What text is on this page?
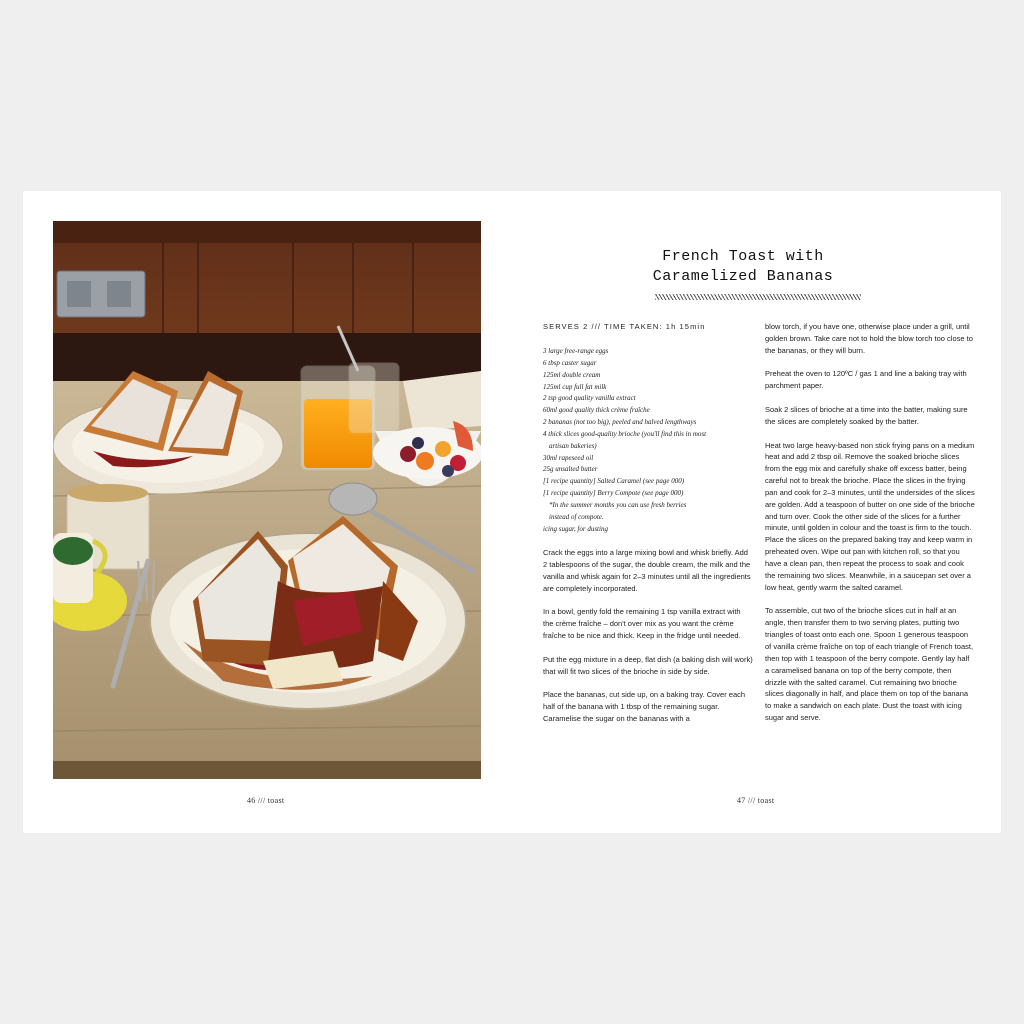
46 /// toast	47 /// toast
French Toast with
Caramelized Bananas
SERVES 2 /// TIME TAKEN: 1h 15min
3 large free-range eggs
6 tbsp caster sugar
125ml double cream
125ml cup full fat milk
2 tsp good quality vanilla extract
60ml good quality thick crème fraîche
2 bananas (not too big), peeled and halved lengthways
4 thick slices good-quality brioche (you'll find this in most
artisan bakeries)
30ml rapeseed oil
25g unsalted butter
[1 recipe quantity] Salted Caramel (see page 000)
[1 recipe quantity] Berry Compote (see page 000)
*In the summer months you can use fresh berries
instead of compote.
icing sugar, for dusting

Crack the eggs into a large mixing bowl and whisk briefly. Add 2 tablespoons of the sugar, the double cream, the milk and the vanilla and whisk again for 2–3 minutes until all the ingredients are completely incorporated.

In a bowl, gently fold the remaining 1 tsp vanilla extract with the crème fraîche – don't over mix as you want the crème fraîche to be nice and thick. Keep in the fridge until needed.

Put the egg mixture in a deep, flat dish (a baking dish will work) that will fit two slices of the brioche in side by side.

Place the bananas, cut side up, on a baking tray. Cover each half of the banana with 1 tbsp of the remaining sugar. Caramelise the sugar on the bananas with a

blow torch, if you have one, otherwise place under a grill, until golden brown. Take care not to hold the blow torch too close to the bananas, or they will burn.

Preheat the oven to 120ºC / gas 1 and line a baking tray with parchment paper.

Soak 2 slices of brioche at a time into the batter, making sure the slices are completely soaked by the batter.

Heat two large heavy-based non stick frying pans on a medium heat and add 2 tbsp oil. Remove the soaked brioche slices from the egg mix and carefully shake off excess batter, being careful not to break the brioche. Place the slices in the frying pan and cook for 2–3 minutes, until the undersides of the slices are golden. Add a teaspoon of butter on one side of the brioche and turn over. Cook the other side of the slices for a further minute, until golden in colour and the toast is firm to the touch. Place the slices on the prepared baking tray and keep warm in preheated oven. Wipe out pan with kitchen roll, so that you have a clean pan, then repeat the process to soak and cook the remaining two slices. Meanwhile, in a saucepan set over a low heat, gently warm the salted caramel.

To assemble, cut two of the brioche slices cut in half at an angle, then transfer them to two serving plates, putting two triangles of toast onto each one. Spoon 1 generous teaspoon of vanilla crème fraîche on top of each triangle of French toast, then top with 1 teaspoon of the berry compote. Gently lay half a caramelised banana on top of the berry compote, then drizzle with the salted caramel. Cut remaining two brioche slices diagonally in half, and place them on top of the banana to make a sandwich on each plate. Dust the toast with icing sugar and serve.
